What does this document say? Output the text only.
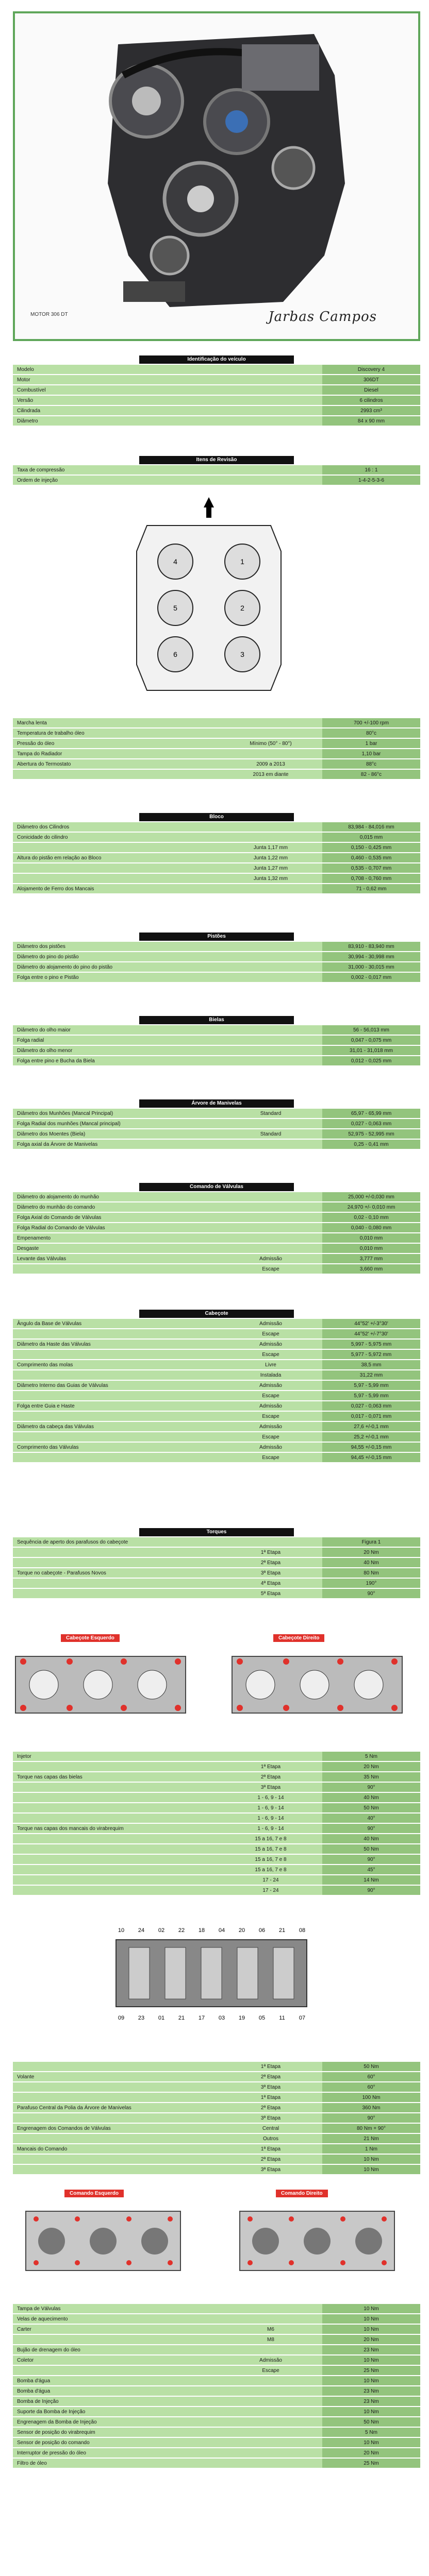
MOTOR 306 DT	Jarbas Campos
Identificação do veículo
Modelo	Discovery 4
Motor	306DT
Combustível	Diesel
Versão	6 cilindros
Cilindrada	2993 cm³
Diâmetro	84 x 90 mm
Itens de Revisão
Taxa de compressão	16 : 1
Ordem de injeção	1-4-2-5-3-6
4	1
5	2
6	3
Marcha lenta		700 +/-100 rpm
Temperatura de trabalho óleo		80°c
Pressão do óleo	Mínimo (50° - 80°)	1 bar
Tampa do Radiador		1,10 bar
Abertura do Termostato	2009 a 2013	88°c
	2013 em diante	82 - 86°c
Bloco
Diâmetro dos Cilindros		83,984 - 84,016 mm
Conicidade do cilindro		0,015 mm
	Junta 1,17 mm	0,150 - 0,425 mm
Altura do pistão em relação ao Bloco	Junta 1,22 mm	0,460 - 0,535 mm
	Junta 1,27 mm	0,535 - 0,707 mm
	Junta 1,32 mm	0,708 - 0,760 mm
Alojamento de Ferro dos Mancais		71 - 0,62 mm
Pistões
Diâmetro dos pistões	83,910 - 83,940 mm
Diâmetro do pino do pistão	30,994 - 30,998 mm
Diâmetro do alojamento do pino do pistão	31,000 - 30,015 mm
Folga entre o pino e Pistão	0,002 - 0,017 mm
Bielas
Diâmetro do olho maior	56 - 56,013 mm
Folga radial	0,047 - 0,075 mm
Diâmetro do olho menor	31,01 - 31,018 mm
Folga entre pino e Bucha da Biela	0,012 - 0,025 mm
Árvore de Manivelas
Diâmetro dos Munhões (Mancal Principal)	Standard	65,97 - 65,99 mm
Folga Radial dos munhões (Mancal principal)		0,027 - 0,063 mm
Diâmetro dos Moentes (Biela)	Standard	52,975 - 52,995 mm
Folga axial da Árvore de Manivelas		0,25 - 0,41 mm
Comando de Válvulas
Diâmetro do alojamento do munhão		25,000 +/-0,030 mm
Diâmetro do munhão do comando		24,970 +/- 0,010 mm
Folga Axial do Comando de Válvulas		0,02 - 0,10 mm
Folga Radial do Comando de Válvulas		0,040 - 0,080 mm
Empenamento		0,010 mm
Desgaste		0,010 mm
Levante das Válvulas	Admissão	3,777 mm
	Escape	3,660 mm
Cabeçote
Ângulo da Base de Válvulas	Admissão	44°52' +/-3°30'
	Escape	44°52' +/-7°30'
Diâmetro da Haste das Válvulas	Admissão	5,997 - 5,975 mm
	Escape	5,977 - 5,972 mm
Comprimento das molas	Livre	38,5 mm
	Instalada	31,22 mm
Diâmetro Interno das Guias de Válvulas	Admissão	5,97 - 5,99 mm
	Escape	5,97 - 5,99 mm
Folga entre Guia e Haste	Admissão	0,027 - 0,063 mm
	Escape	0,017 - 0,071 mm
Diâmetro da cabeça das Válvulas	Admissão	27,6 +/-0,1 mm
	Escape	25,2 +/-0,1 mm
Comprimento das Válvulas	Admissão	94,55 +/-0,15 mm
	Escape	94,45 +/-0,15 mm
Torques
Sequência de aperto dos parafusos do cabeçote		Figura 1
	1ª Etapa	20 Nm
	2ª Etapa	40 Nm
Torque no cabeçote - Parafusos Novos	3ª Etapa	80 Nm
	4ª Etapa	190°
	5ª Etapa	90°
Cabeçote Esquerdo	Cabeçote Direito
Injetor		5 Nm
	1ª Etapa	20 Nm
Torque nas capas das bielas	2ª Etapa	35 Nm
	3ª Etapa	90°
	1 - 6, 9 - 14	40 Nm
	1 - 6, 9 - 14	50 Nm
	1 - 6, 9 - 14	40°
Torque nas capas dos mancais do virabrequim	1 - 6, 9 - 14	90°
	15 a 16, 7 e 8	40 Nm
	15 a 16, 7 e 8	50 Nm
	15 a 16, 7 e 8	90°
	15 a 16, 7 e 8	45°
	17 - 24	14 Nm
	17 - 24	90°
10 24 02 22 18 04 20 06 21 08
09 23 01 21 17 03 19 05 11 07
	1ª Etapa	50 Nm
Volante	2ª Etapa	60°
	3ª Etapa	60°
	1ª Etapa	100 Nm
Parafuso Central da Polia da Árvore de Manivelas	2ª Etapa	360 Nm
	3ª Etapa	90°
Engrenagem dos Comandos de Válvulas	Central	80 Nm + 90°
	Outros	21 Nm
Mancais do Comando	1ª Etapa	1 Nm
	2ª Etapa	10 Nm
	3ª Etapa	10 Nm
Comando Esquerdo	Comando Direito
Tampa de Válvulas		10 Nm
Velas de aquecimento		10 Nm
Carter	M6	10 Nm
	M8	20 Nm
Bujão de drenagem do óleo		23 Nm
Coletor	Admissão	10 Nm
	Escape	25 Nm
Bomba d'água		10 Nm
Bomba d'água		23 Nm
Bomba de Injeção		23 Nm
Suporte da Bomba de Injeção		10 Nm
Engrenagem da Bomba de Injeção		50 Nm
Sensor de posição do virabrequim		5 Nm
Sensor de posição do comando		10 Nm
Interruptor de pressão do óleo		20 Nm
Filtro de óleo		25 Nm
